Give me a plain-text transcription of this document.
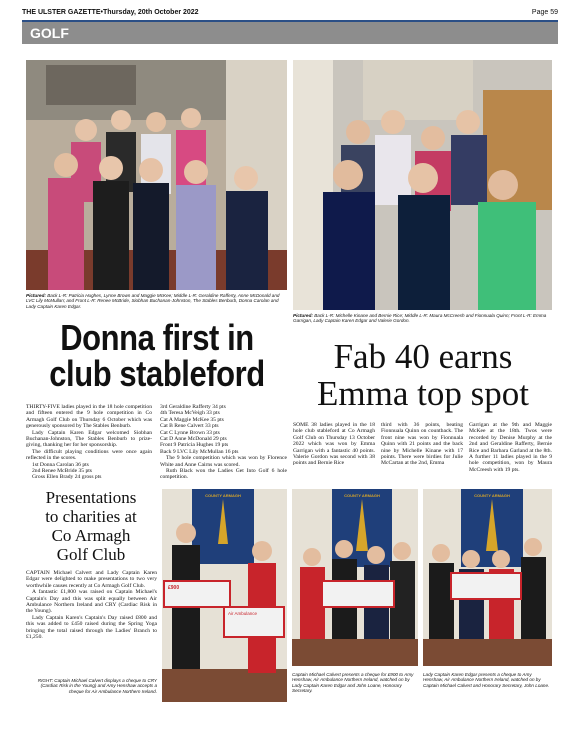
THE ULSTER GAZETTE•Thursday, 20th October 2022	Page 59
GOLF
Pictured: Back L-R: Patricia Hughes, Lynne Brown and Maggie McKee; Middle L-R: Geraldine Rafferty, Anne McDonald and LVC Lily McMullan; and Front L-R: Renee McBride, Siobhan Buchanan-Johnston, The Stables Benburb, Donna Carolan and Lady Captain Karen Edgar.
Pictured: Back L-R: Michelle Kinane and Bernie Rice; Middle L-R: Maura McCreesh and Fionnuala Quinn; Front L-R: Emma Garrigan, Lady Captain Karen Edgar and Valerie Gordon.
Donna first in
club stableford

THIRTY-FIVE ladies played in the 18 hole competition and fifteen entered the 9 hole competition in Co Armagh Golf Club on Thursday 6 October which was generously sponsored by The Stables Benburb.

Lady Captain Karen Edgar welcomed Siobhan Buchanan-Johnston, The Stables Benburb to prize-giving, thanking her for her sponsorship.

The difficult playing conditions were once again reflected in the scores.

1st Donna Carolan 36 pts

2nd Renee McBride 35 pts

Gross Ellen Brady 24 gross pts

3rd Geraldine Rafferty 34 pts

4th Teresa McVeigh 33 pts

Cat A Maggie McKee 35 pts

Cat B Rene Calvert 33 pts

Cat C Lynne Brown 33 pts

Cat D Anne McDonald 29 pts

Front 9 Patricia Hughes 19 pts

Back 9 LVC Lily McMullan 16 pts

The 9 hole competition which was won by Florence White and Anne Cairns was scored.

Ruth Black won the Ladies Get Into Golf 6 hole competition.

Fab 40 earns
Emma top spot

SOME 38 ladies played in the 18 hole club stableford at Co Armagh Golf Club on Thursday 13 October 2022 which was won by Emma Garrigan with a fantastic 40 points. Valerie Gordon was second with 38 points and Bernie Rice

third with 36 points, beating Fionnuala Quinn on countback. The front nine was won by Fionnuala Quinn with 21 points and the back nine by Michelle Kinane with 17 points. There were birdies for Julie McCartan at the 2nd, Emma

Garrigan at the 9th and Maggie McKee at the 18th. Twos were recorded by Denise Murphy at the 2nd and Geraldine Rafferty, Bernie Rice and Barbara Garland at the 8th. A further 11 ladies played in the 9 hole competition, won by Maura McCreesh with 19 pts.

Presentations
to charities at
Co Armagh
Golf Club

CAPTAIN Michael Calvert and Lady Captain Karen Edgar were delighted to make presentations to two very worthwhile causes recently at Co Armagh Golf Club.

A fantastic £1,800 was raised on Captain Michael's Captain's Day and this was split equally between Air Ambulance Northern Ireland and CRY (Cardiac Risk in the Young).

Lady Captain Karen's Captain's Day raised £800 and this was added to £450 raised during the Spring Yoga bringing the total raised through the Ladies' Branch to £1,250.

RIGHT: Captain Michael Calvert displays a cheque to CRY (Cardiac Risk in the Young) and Amy Henshaw accepts a cheque for Air Ambulance Northern Ireland.
£900
Air Ambulance
COUNTY ARMAGH	COUNTY ARMAGH
Captain Michael Calvert presents a cheque for £900 to Amy Henshaw, Air Ambulance Northern Ireland, watched on by Lady Captain Karen Edgar and John Loane, Honorary Secretary.
COUNTY ARMAGH
Lady Captain Karen Edgar presents a cheque to Amy Henshaw, Air Ambulance Northern Ireland, watched on by Captain Michael Calvert and Honorary Secretary, John Loane.
